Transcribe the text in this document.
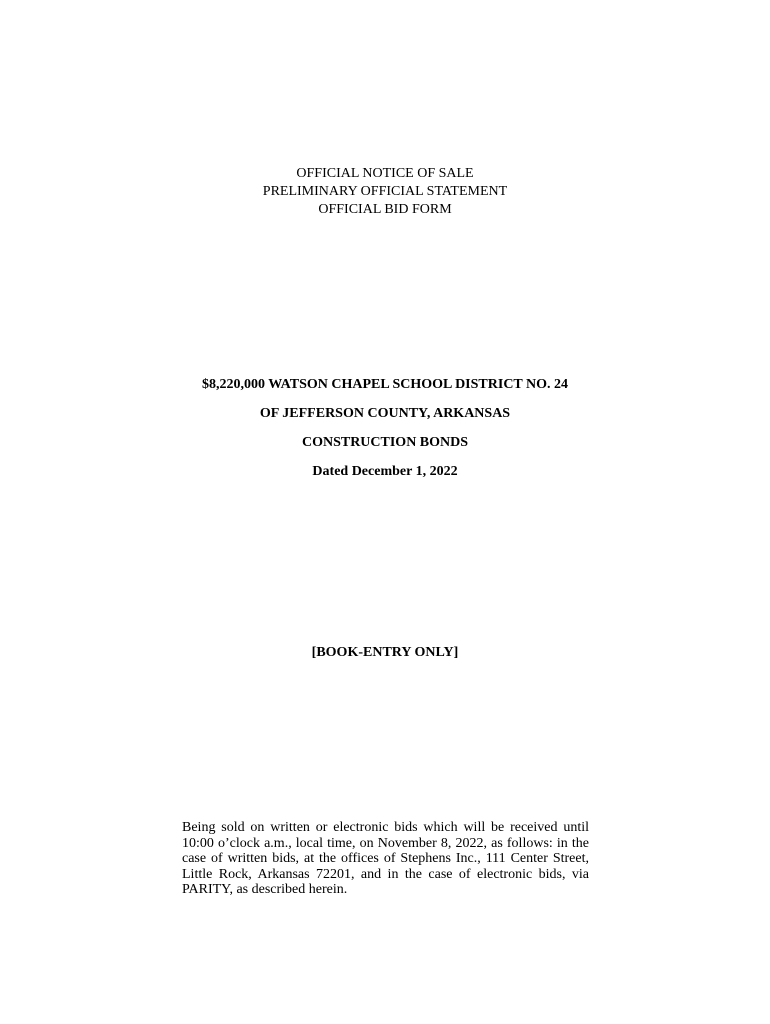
OFFICIAL NOTICE OF SALE
PRELIMINARY OFFICIAL STATEMENT
OFFICIAL BID FORM
$8,220,000 WATSON CHAPEL SCHOOL DISTRICT NO. 24
OF JEFFERSON COUNTY, ARKANSAS
CONSTRUCTION BONDS
Dated December 1, 2022
[BOOK-ENTRY ONLY]
Being sold on written or electronic bids which will be received until 10:00 o’clock a.m., local time, on November 8, 2022, as follows: in the case of written bids, at the offices of Stephens Inc., 111 Center Street, Little Rock, Arkansas 72201, and in the case of electronic bids, via PARITY, as described herein.
